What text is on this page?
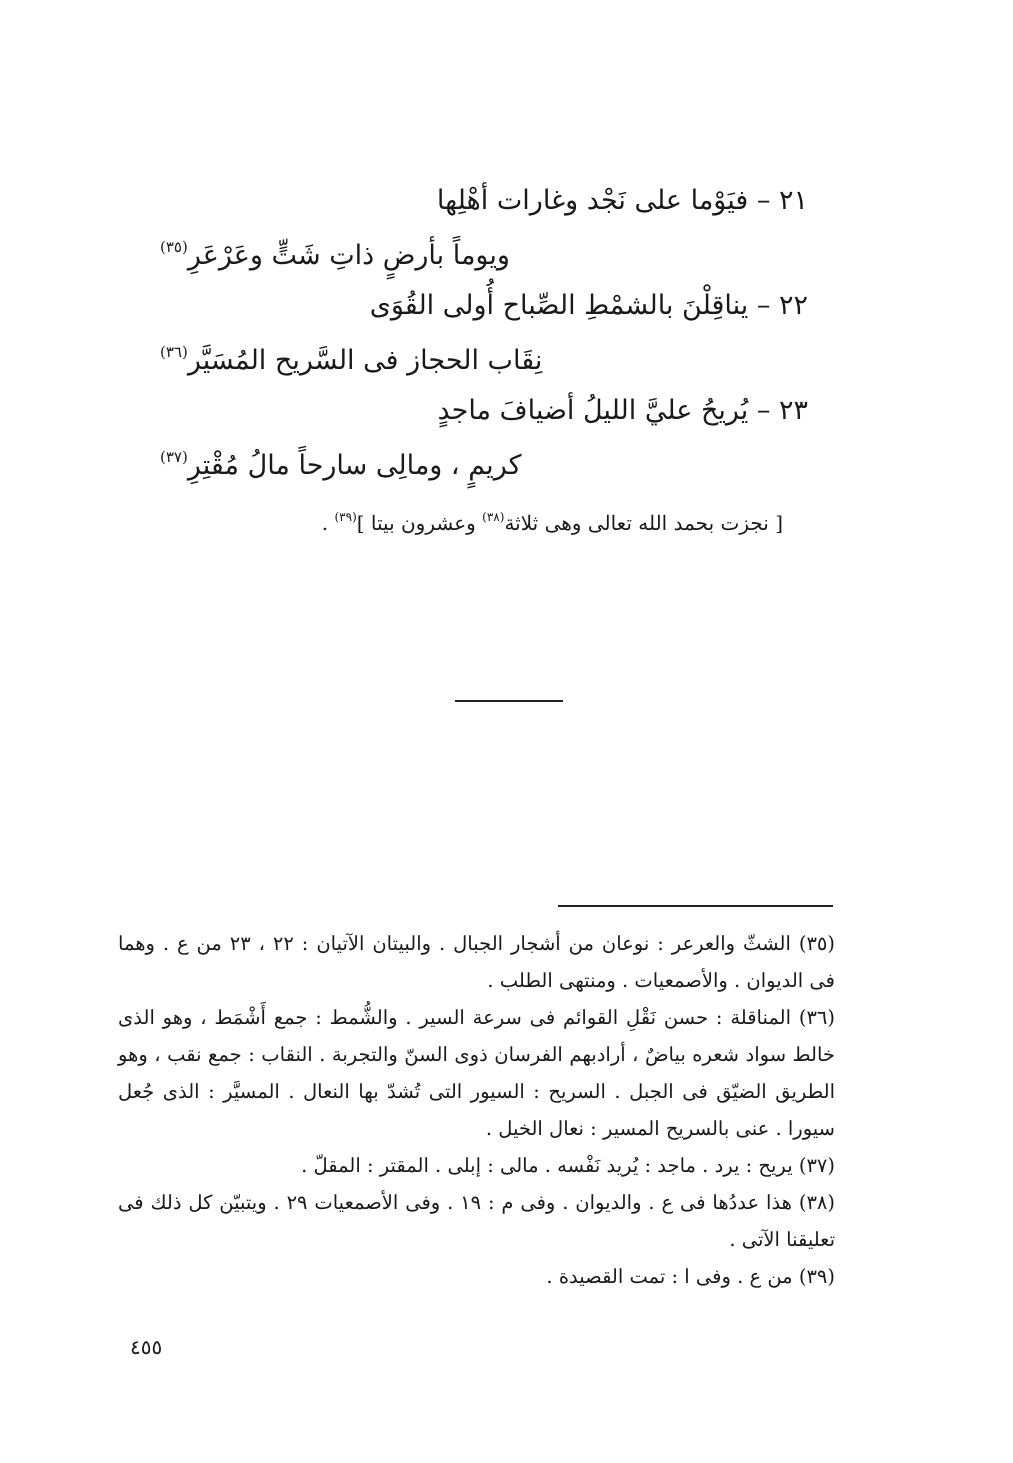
٢١ – فيَوْما على نَجْد وغارات أهْلِها
ويوماً بأرضٍ ذاتِ شَتٍّ وعَرْعَرِ$^{(٣٥)}$
٢٢ – يناقِلْنَ بالشمْطِ الصِّباح أُولى القُوَى
نِقَاب الحجاز فى السَّريح المُسَيَّر$^{(٣٦)}$
٢٣ – يُريحُ عليَّ الليلُ أضيافَ ماجدٍ
كريمٍ ، ومالِى سارحاً مالُ مُقْتِرِ$^{(٣٧)}$
[ نجزت بحمد الله تعالى وهى ثلاثة$^{(٣٨)}$ وعشرون بيتا ]$^{(٣٩)}$ .

(٣٥) الشثّ والعرعر : نوعان من أشجار الجبال . والبيتان الآتيان : ٢٢ ، ٢٣ من ع . وهما فى الديوان . والأصمعيات . ومنتهى الطلب .

(٣٦) المناقلة : حسن نَقْلِ القوائم فى سرعة السير . والشُّمط : جمع أَشْمَط ، وهو الذى خالط سواد شعره بياضٌ ، أرادبهم الفرسان ذوى السنّ والتجربة . النقاب : جمع نقب ، وهو الطريق الضيّق فى الجبل . السريح : السيور التى تُشدّ بها النعال . المسيَّر : الذى جُعل سيورا . عنى بالسريح المسير : نعال الخيل .

(٣٧) يريح : يرد . ماجد : يُريد نَفْسه . مالى : إبلى . المقتر : المقلّ .

(٣٨) هذا عددُها فى ع . والديوان . وفى م : ١٩ . وفى الأصمعيات ٢٩ . ويتبيّن كل ذلك فى تعليقنا الآتى .

(٣٩) من ع . وفى ا : تمت القصيدة .

٤٥٥
